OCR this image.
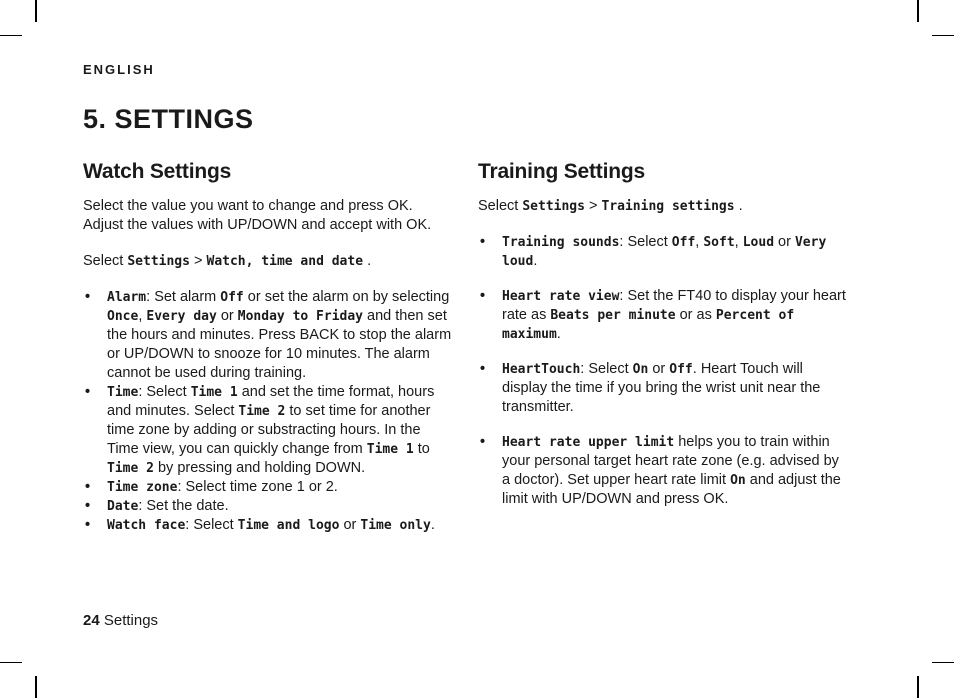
ENGLISH
5. SETTINGS
Watch Settings

Select the value you want to change and press OK. Adjust the values with UP/DOWN and accept with OK.

Select Settings > Watch, time and date .

• Alarm: Set alarm Off or set the alarm on by selecting Once, Every day or Monday to Friday and then set the hours and minutes. Press BACK to stop the alarm or UP/DOWN to snooze for 10 minutes. The alarm cannot be used during training.
• Time: Select Time 1 and set the time format, hours and minutes. Select Time 2 to set time for another time zone by adding or substracting hours. In the Time view, you can quickly change from Time 1 to Time 2 by pressing and holding DOWN.
• Time zone: Select time zone 1 or 2.
• Date: Set the date.
• Watch face: Select Time and logo or Time only.
Training Settings

Select Settings > Training settings .

• Training sounds: Select Off, Soft, Loud or Very loud.
• Heart rate view: Set the FT40 to display your heart rate as Beats per minute or as Percent of maximum.
• HeartTouch: Select On or Off. Heart Touch will display the time if you bring the wrist unit near the transmitter.
• Heart rate upper limit helps you to train within your personal target heart rate zone (e.g. advised by a doctor). Set upper heart rate limit On and adjust the limit with UP/DOWN and press OK.
24 Settings
